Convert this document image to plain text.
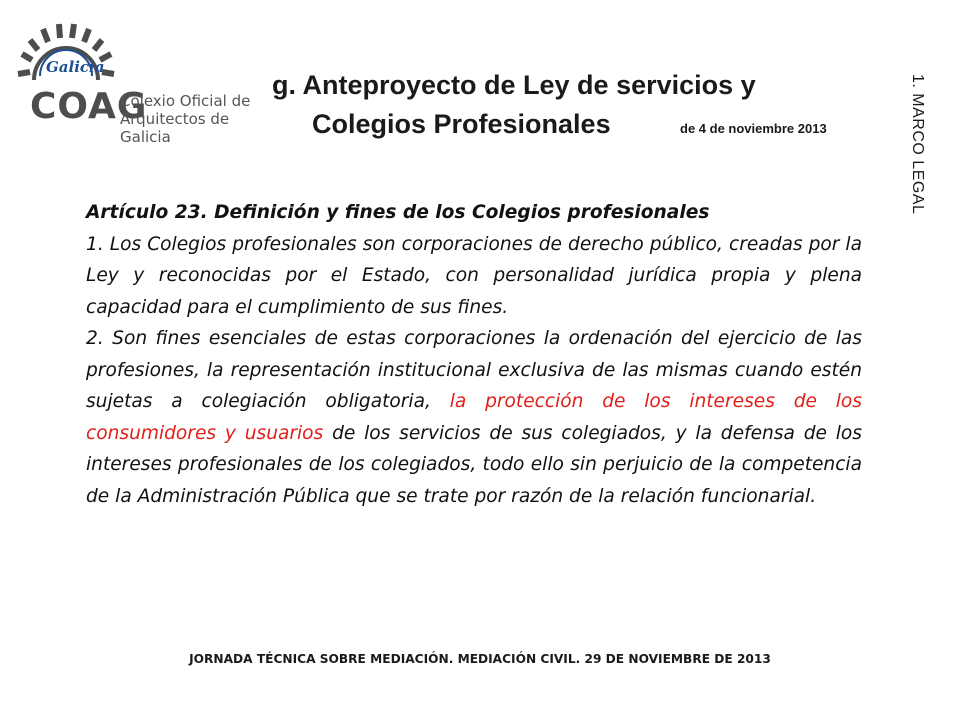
Galicia
COAG
Colexio Oficial de
Arquitectos de Galicia
g. Anteproyecto de Ley de servicios y
Colegios Profesionales	de 4 de noviembre 2013	1. MARCO LEGAL
Artículo 23. Definición y fines de los Colegios profesionales

1. Los Colegios profesionales son corporaciones de derecho público, creadas por la Ley y reconocidas por el Estado, con personalidad jurídica propia y plena capacidad para el cumplimiento de sus fines.

2. Son fines esenciales de estas corporaciones la ordenación del ejercicio de las profesiones, la representación institucional exclusiva de las mismas cuando estén sujetas a colegiación obligatoria, la protección de los intereses de los consumidores y usuarios de los servicios de sus colegiados, y la defensa de los intereses profesionales de los colegiados, todo ello sin perjuicio de la competencia de la Administración Pública que se trate por razón de la relación funcionarial.

JORNADA TÉCNICA SOBRE MEDIACIÓN. MEDIACIÓN CIVIL. 29 DE NOVIEMBRE DE 2013
